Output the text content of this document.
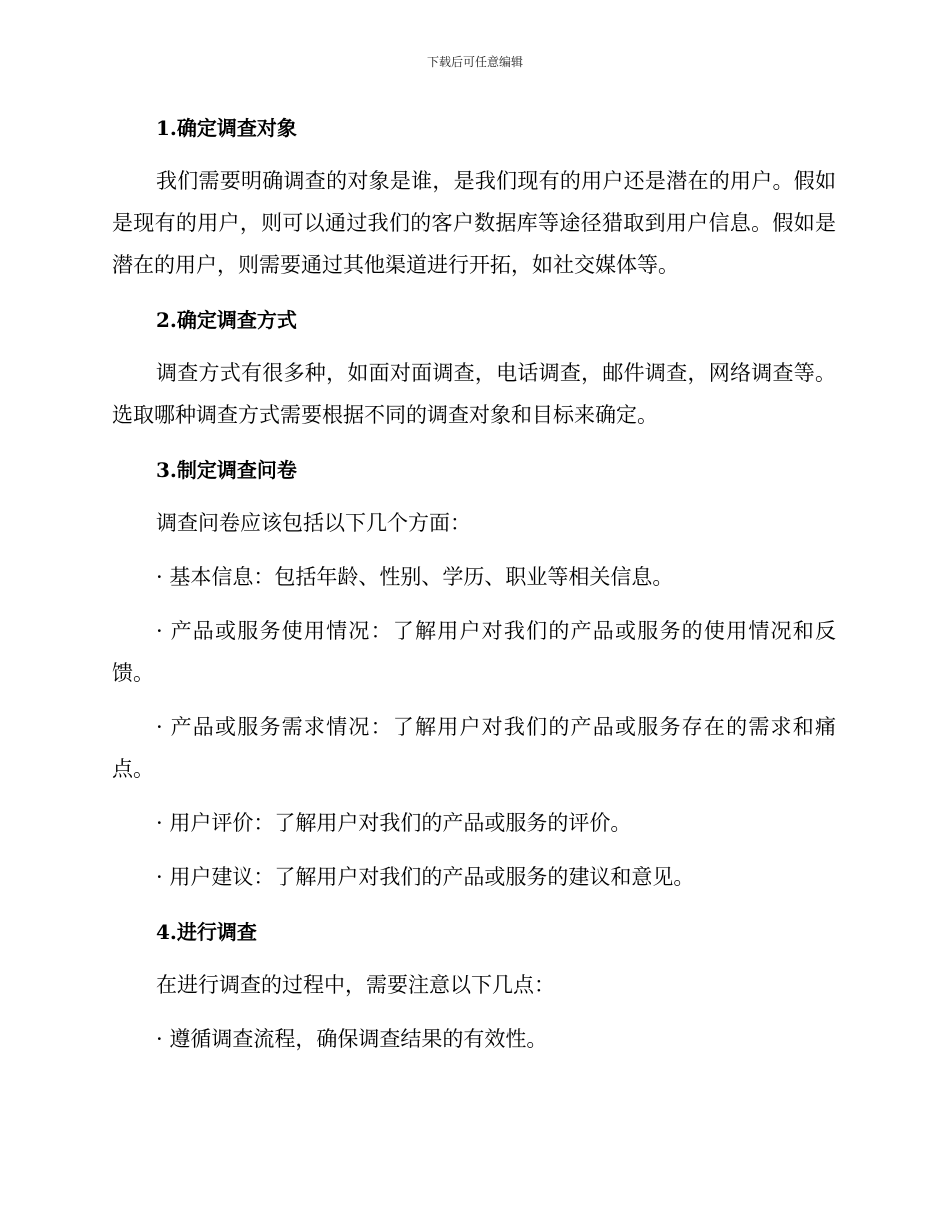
下载后可任意编辑
1.确定调查对象

我们需要明确调查的对象是谁，是我们现有的用户还是潜在的用户。假如是现有的用户，则可以通过我们的客户数据库等途径猎取到用户信息。假如是潜在的用户，则需要通过其他渠道进行开拓，如社交媒体等。

2.确定调查方式

调查方式有很多种，如面对面调查，电话调查，邮件调查，网络调查等。选取哪种调查方式需要根据不同的调查对象和目标来确定。

3.制定调查问卷

调查问卷应该包括以下几个方面：

· 基本信息：包括年龄、性别、学历、职业等相关信息。

· 产品或服务使用情况：了解用户对我们的产品或服务的使用情况和反馈。

· 产品或服务需求情况：了解用户对我们的产品或服务存在的需求和痛点。

· 用户评价：了解用户对我们的产品或服务的评价。

· 用户建议：了解用户对我们的产品或服务的建议和意见。

4.进行调查

在进行调查的过程中，需要注意以下几点：

· 遵循调查流程，确保调查结果的有效性。
